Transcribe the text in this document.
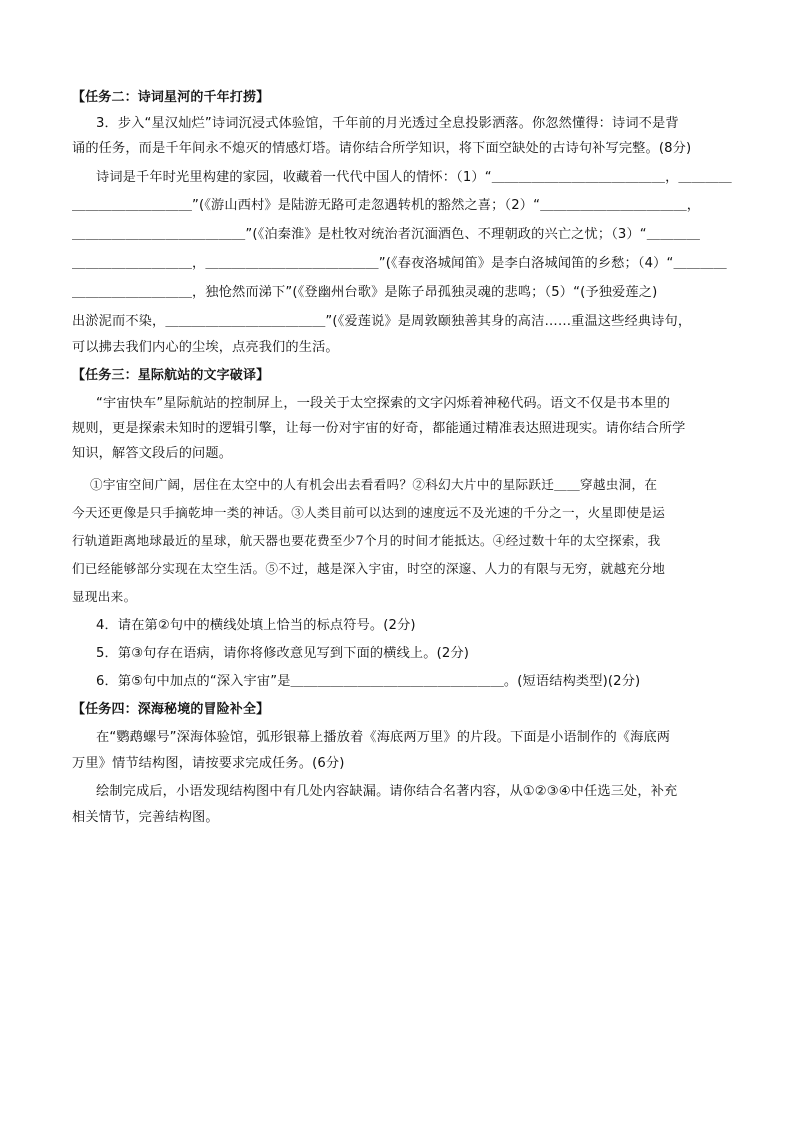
【任务二：诗词星河的千年打捞】
3．步入“星汉灿烂”诗词沉浸式体验馆，千年前的月光透过全息投影洒落。你忽然懂得：诗词不是背
诵的任务，而是千年间永不熄灭的情感灯塔。请你结合所学知识，将下面空缺处的古诗句补写完整。(8分)
诗词是千年时光里构建的家园，收藏着一代代中国人的情怀：（1）“＿＿＿＿＿＿＿＿＿＿＿＿＿，＿＿＿＿
＿＿＿＿＿＿＿＿＿”(《游山西村》是陆游无路可走忽遇转机的豁然之喜；（2）“＿＿＿＿＿＿＿＿＿＿＿，
＿＿＿＿＿＿＿＿＿＿＿＿＿”(《泊秦淮》是杜牧对统治者沉湎酒色、不理朝政的兴亡之忧；（3）“＿＿＿＿
＿＿＿＿＿＿＿＿＿，＿＿＿＿＿＿＿＿＿＿＿＿＿”(《春夜洛城闻笛》是李白洛城闻笛的乡愁；（4）“＿＿＿＿
＿＿＿＿＿＿＿＿＿，独怆然而涕下”(《登幽州台歌》是陈子昂孤独灵魂的悲鸣；（5）“(予独爱莲之)
出淤泥而不染，＿＿＿＿＿＿＿＿＿＿＿＿”(《爱莲说》是周敦颐独善其身的高洁……重温这些经典诗句，
可以拂去我们内心的尘埃，点亮我们的生活。
【任务三：星际航站的文字破译】
“宇宙快车”星际航站的控制屏上，一段关于太空探索的文字闪烁着神秘代码。语文不仅是书本里的
规则，更是探索未知时的逻辑引擎，让每一份对宇宙的好奇，都能通过精准表达照进现实。请你结合所学
知识，解答文段后的问题。
①宇宙空间广阔，居住在太空中的人有机会出去看看吗？②科幻大片中的星际跃迁＿＿穿越虫洞，在
今天还更像是只手摘乾坤一类的神话。③人类目前可以达到的速度远不及光速的千分之一，火星即使是运
行轨道距离地球最近的星球，航天器也要花费至少7个月的时间才能抵达。④经过数十年的太空探索，我
们已经能够部分实现在太空生活。⑤不过，越是深入宇宙，时空的深邃、人力的有限与无穷，就越充分地
显现出来。
4．请在第②句中的横线处填上恰当的标点符号。(2分)
5．第③句存在语病，请你将修改意见写到下面的横线上。(2分)
6．第⑤句中加点的“深入宇宙”是＿＿＿＿＿＿＿＿＿＿＿＿＿＿＿＿。(短语结构类型)(2分)
【任务四：深海秘境的冒险补全】
在“鹦鹉螺号”深海体验馆，弧形银幕上播放着《海底两万里》的片段。下面是小语制作的《海底两
万里》情节结构图，请按要求完成任务。(6分)
绘制完成后，小语发现结构图中有几处内容缺漏。请你结合名著内容，从①②③④中任选三处，补充
相关情节，完善结构图。
